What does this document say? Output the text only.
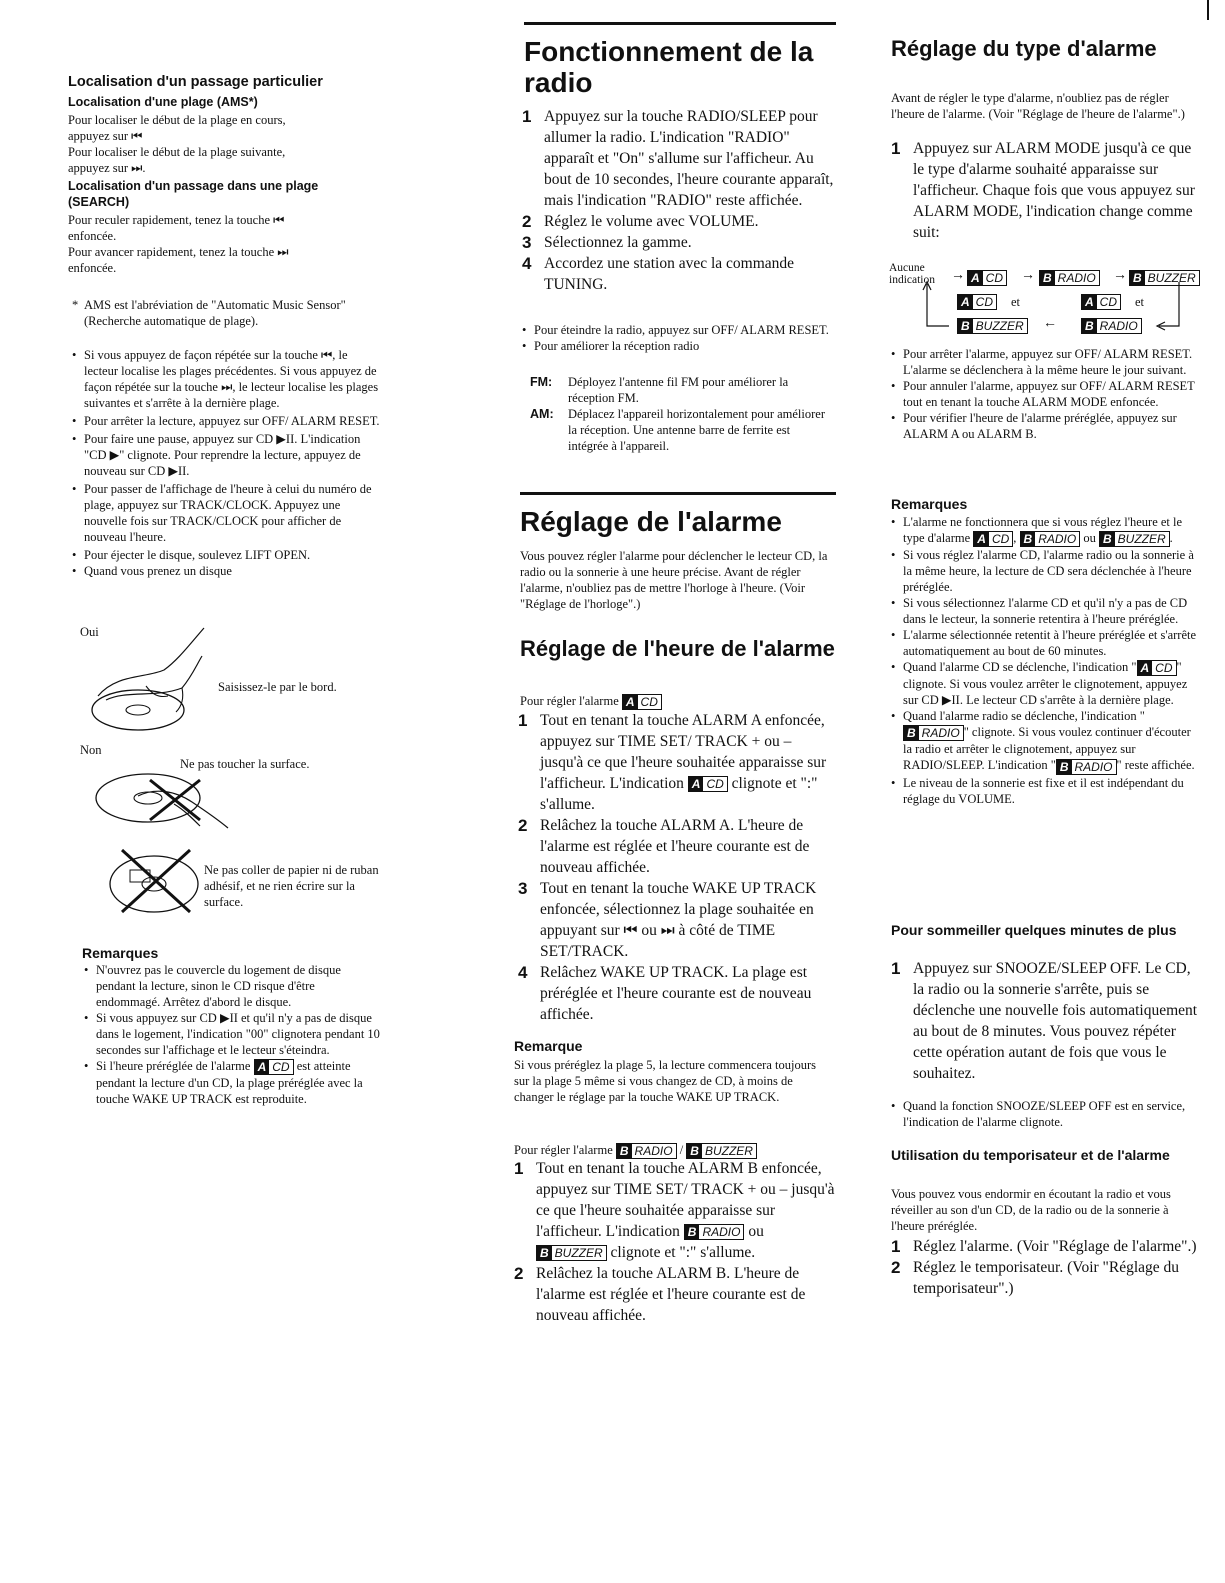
Localisation d'un passage particulier
Localisation d'une plage (AMS*)
Pour localiser le début de la plage en cours,
appuyez sur ⏮
Pour localiser le début de la plage suivante,
appuyez sur ⏭.
Localisation d'un passage dans une plage (SEARCH)
Pour reculer rapidement, tenez la touche ⏮
enfoncée.
Pour avancer rapidement, tenez la touche ⏭
enfoncée.
* AMS est l'abréviation de "Automatic Music Sensor" (Recherche automatique de plage).
• Si vous appuyez de façon répétée sur la touche ⏮, le lecteur localise les plages précédentes. Si vous appuyez de façon répétée sur la touche ⏭, le lecteur localise les plages suivantes et s'arrête à la dernière plage.
• Pour arrêter la lecture, appuyez sur OFF/ ALARM RESET.
• Pour faire une pause, appuyez sur CD ▶II. L'indication "CD ▶" clignote. Pour reprendre la lecture, appuyez de nouveau sur CD ▶II.
• Pour passer de l'affichage de l'heure à celui du numéro de plage, appuyez sur TRACK/CLOCK. Appuyez une nouvelle fois sur TRACK/CLOCK pour afficher de nouveau l'heure.
• Pour éjecter le disque, soulevez LIFT OPEN.
• Quand vous prenez un disque
Oui
Saisissez-le par le bord.
Non
Ne pas toucher la surface.
Ne pas coller de papier ni de ruban adhésif, et ne rien écrire sur la surface.
Remarques
• N'ouvrez pas le couvercle du logement de disque pendant la lecture, sinon le CD risque d'être endommagé. Arrêtez d'abord le disque.
• Si vous appuyez sur CD ▶II et qu'il n'y a pas de disque dans le logement, l'indication "00" clignotera pendant 10 secondes sur l'affichage et le lecteur s'éteindra.
• Si l'heure préréglée de l'alarme A CD est atteinte pendant la lecture d'un CD, la plage préréglée avec la touche WAKE UP TRACK est reproduite.
Fonctionnement de la radio
1 Appuyez sur la touche RADIO/SLEEP pour allumer la radio. L'indication "RADIO" apparaît et "On" s'allume sur l'afficheur. Au bout de 10 secondes, l'heure courante apparaît, mais l'indication "RADIO" reste affichée.
2 Réglez le volume avec VOLUME.
3 Sélectionnez la gamme.
4 Accordez une station avec la commande TUNING.
• Pour éteindre la radio, appuyez sur OFF/ ALARM RESET.
• Pour améliorer la réception radio
FM:	Déployez l'antenne fil FM pour améliorer la réception FM.
AM:	Déplacez l'appareil horizontalement pour améliorer la réception. Une antenne barre de ferrite est intégrée à l'appareil.
Réglage de l'alarme
Vous pouvez régler l'alarme pour déclencher le lecteur CD, la radio ou la sonnerie à une heure précise. Avant de régler l'alarme, n'oubliez pas de mettre l'horloge à l'heure. (Voir "Réglage de l'horloge".)
Réglage de l'heure de l'alarme
Pour régler l'alarme A CD
1 Tout en tenant la touche ALARM A enfoncée, appuyez sur TIME SET/ TRACK + ou – jusqu'à ce que l'heure souhaitée apparaisse sur l'afficheur. L'indication A CD clignote et ":" s'allume.
2 Relâchez la touche ALARM A. L'heure de l'alarme est réglée et l'heure courante est de nouveau affichée.
3 Tout en tenant la touche WAKE UP TRACK enfoncée, sélectionnez la plage souhaitée en appuyant sur ⏮ ou ⏭ à côté de TIME SET/TRACK.
4 Relâchez WAKE UP TRACK. La plage est préréglée et l'heure courante est de nouveau affichée.
Remarque
Si vous préréglez la plage 5, la lecture commencera toujours sur la plage 5 même si vous changez de CD, à moins de changer le réglage par la touche WAKE UP TRACK.
Pour régler l'alarme B RADIO / B BUZZER
1 Tout en tenant la touche ALARM B enfoncée, appuyez sur TIME SET/ TRACK + ou – jusqu'à ce que l'heure souhaitée apparaisse sur l'afficheur. L'indication B RADIO ou B BUZZER clignote et ":" s'allume.
2 Relâchez la touche ALARM B. L'heure de l'alarme est réglée et l'heure courante est de nouveau affichée.
Réglage du type d'alarme
Avant de régler le type d'alarme, n'oubliez pas de régler l'heure de l'alarme. (Voir "Réglage de l'heure de l'alarme".)
1 Appuyez sur ALARM MODE jusqu'à ce que le type d'alarme souhaité apparaisse sur l'afficheur. Chaque fois que vous appuyez sur ALARM MODE, l'indication change comme suit:
Aucune indication	→ A CD → B RADIO → B BUZZER
A CD	et	A CD	et
B BUZZER ←	B RADIO
• Pour arrêter l'alarme, appuyez sur OFF/ ALARM RESET. L'alarme se déclenchera à la même heure le jour suivant.
• Pour annuler l'alarme, appuyez sur OFF/ ALARM RESET tout en tenant la touche ALARM MODE enfoncée.
• Pour vérifier l'heure de l'alarme préréglée, appuyez sur ALARM A ou ALARM B.
Remarques
• L'alarme ne fonctionnera que si vous réglez l'heure et le type d'alarme A CD , B RADIO ou B BUZZER .
• Si vous réglez l'alarme CD, l'alarme radio ou la sonnerie à la même heure, la lecture de CD sera déclenchée à l'heure préréglée.
• Si vous sélectionnez l'alarme CD et qu'il n'y a pas de CD dans le lecteur, la sonnerie retentira à l'heure préréglée.
• L'alarme sélectionnée retentit à l'heure préréglée et s'arrête automatiquement au bout de 60 minutes.
• Quand l'alarme CD se déclenche, l'indication " A CD " clignote. Si vous voulez arrêter le clignotement, appuyez sur CD ▶II. Le lecteur CD s'arrête à la dernière plage.
• Quand l'alarme radio se déclenche, l'indication "B RADIO " clignote. Si vous voulez continuer d'écouter la radio et arrêter le clignotement, appuyez sur RADIO/SLEEP. L'indication " B RADIO " reste affichée.
• Le niveau de la sonnerie est fixe et il est indépendant du réglage du VOLUME.
Pour sommeiller quelques minutes de plus
1 Appuyez sur SNOOZE/SLEEP OFF. Le CD, la radio ou la sonnerie s'arrête, puis se déclenche une nouvelle fois automatiquement au bout de 8 minutes. Vous pouvez répéter cette opération autant de fois que vous le souhaitez.
• Quand la fonction SNOOZE/SLEEP OFF est en service, l'indication de l'alarme clignote.
Utilisation du temporisateur et de l'alarme
Vous pouvez vous endormir en écoutant la radio et vous réveiller au son d'un CD, de la radio ou de la sonnerie à l'heure préréglée.
1 Réglez l'alarme. (Voir "Réglage de l'alarme".)
2 Réglez le temporisateur. (Voir "Réglage du temporisateur".)
